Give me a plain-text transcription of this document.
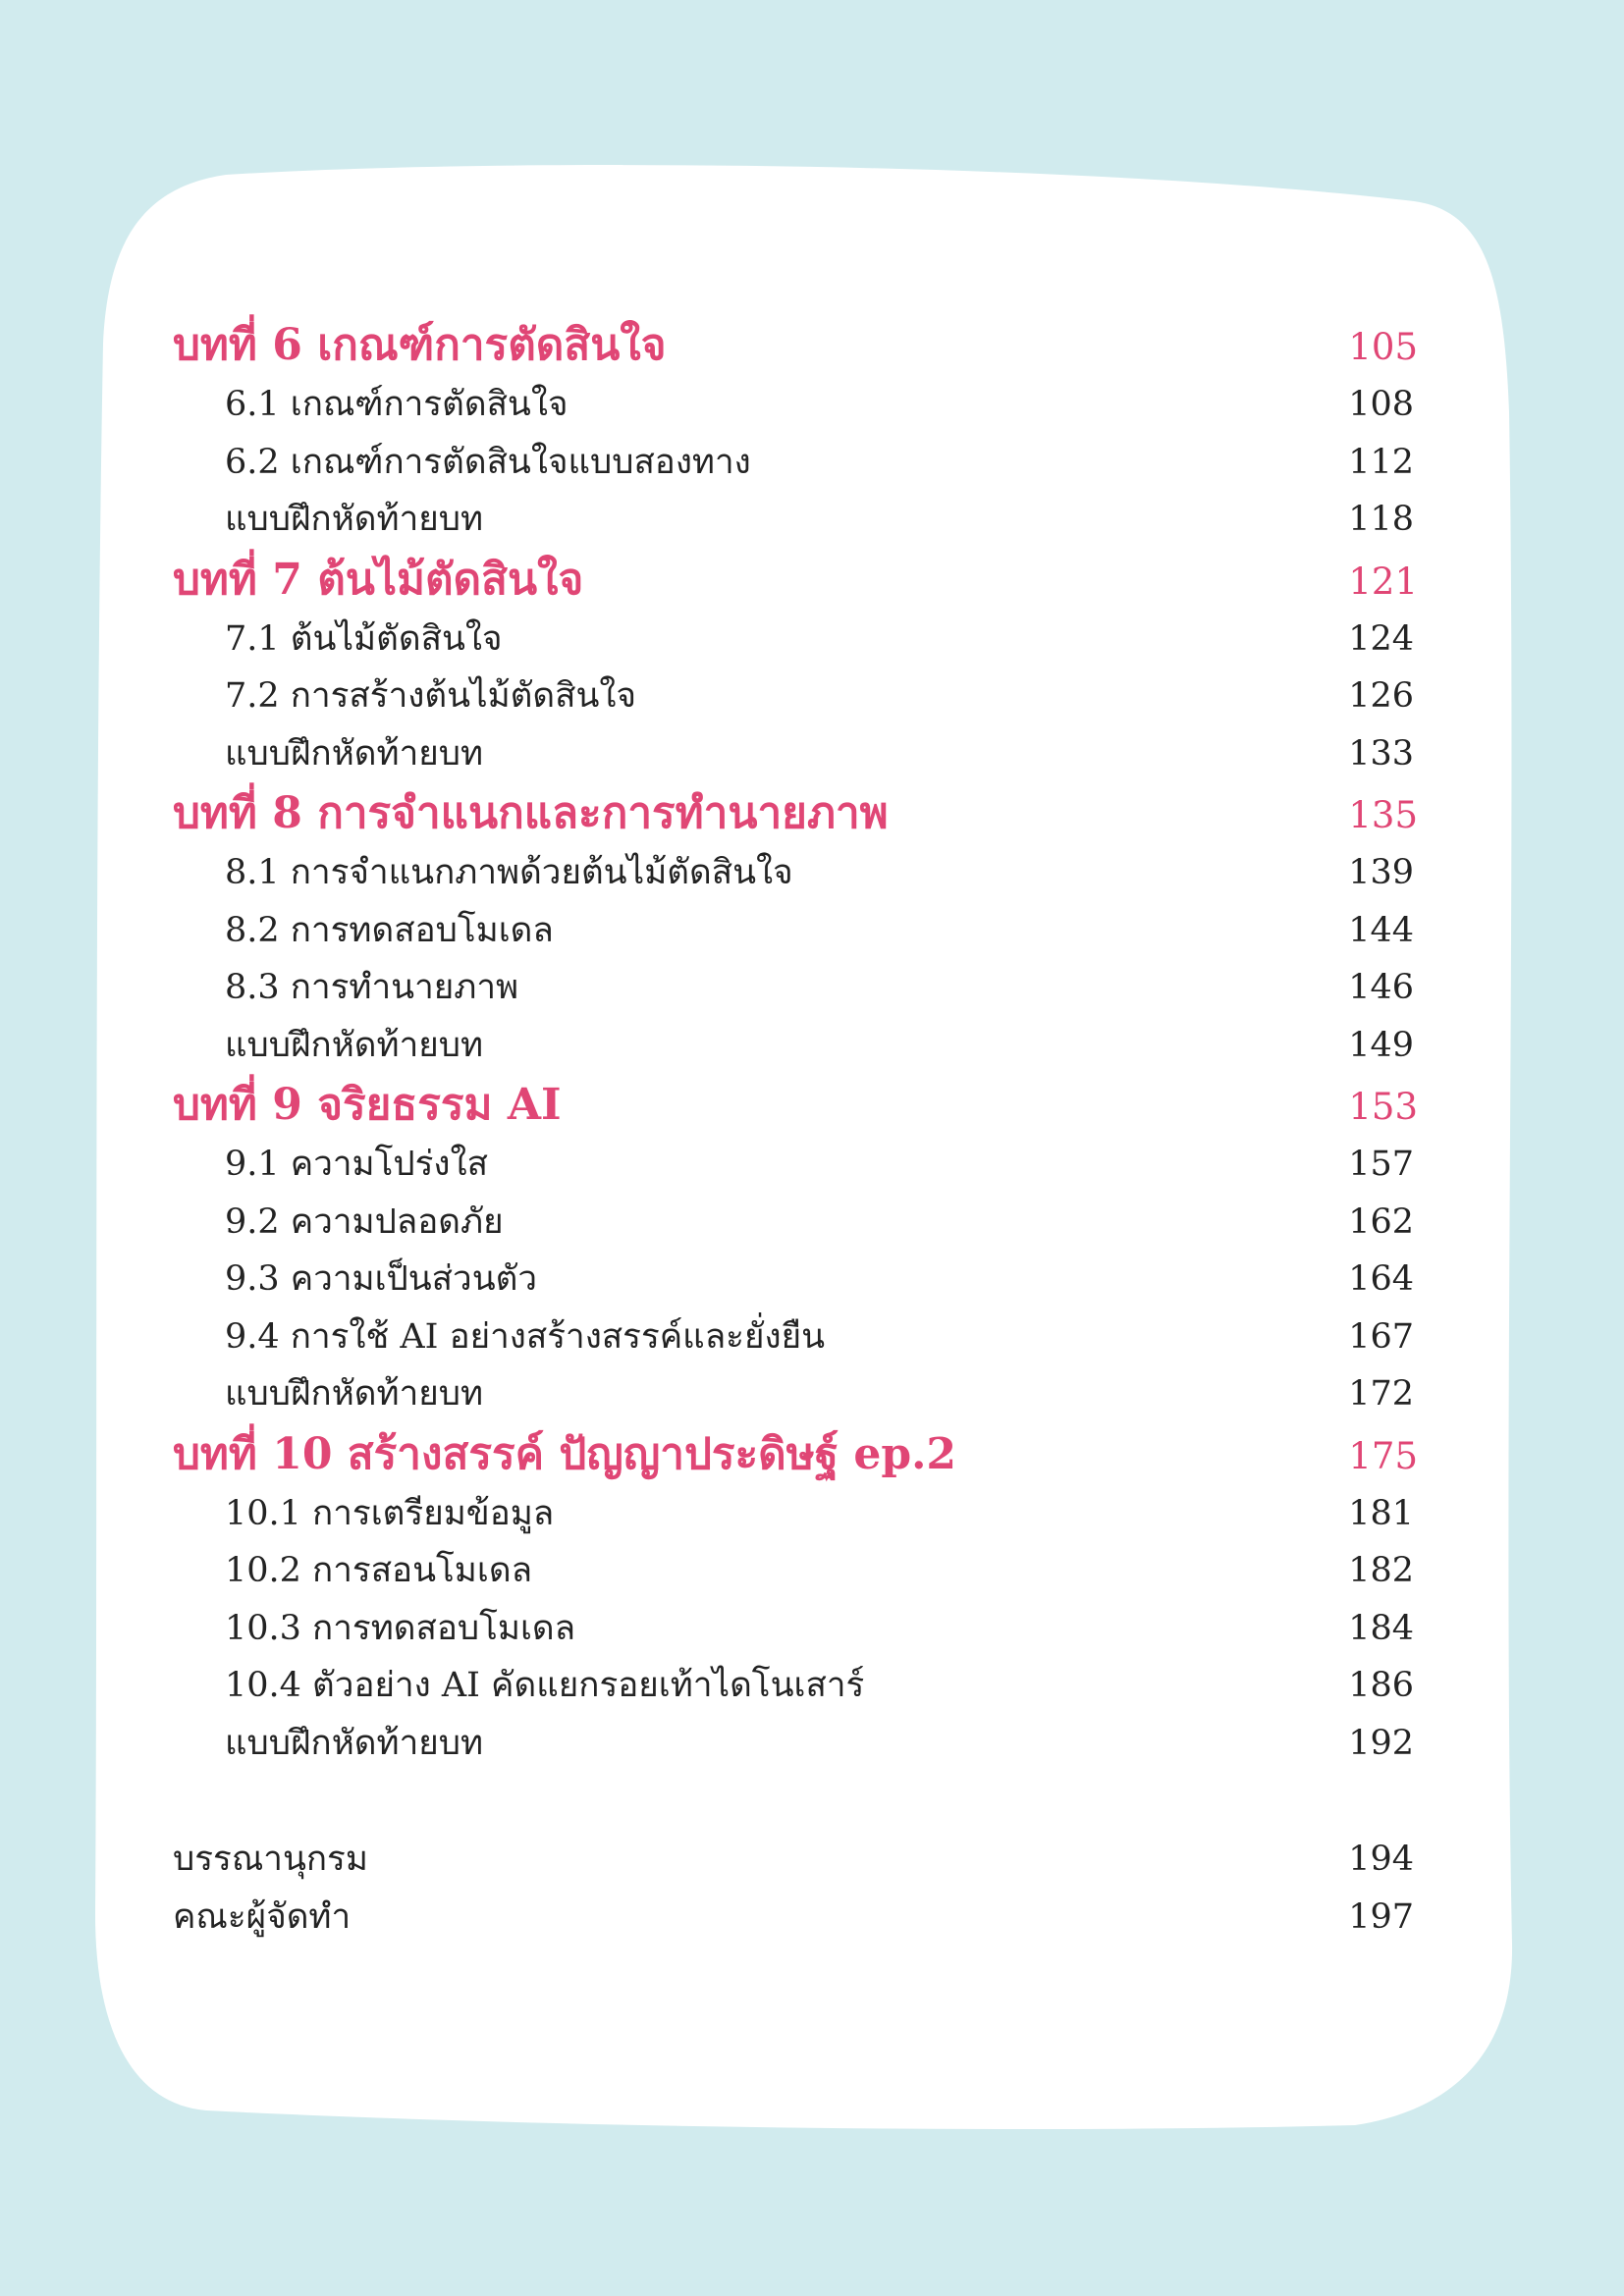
บทที่ 6 เกณฑ์การตัดสินใจ	105
6.1 เกณฑ์การตัดสินใจ	108
6.2 เกณฑ์การตัดสินใจแบบสองทาง	112
แบบฝึกหัดท้ายบท	118
บทที่ 7 ต้นไม้ตัดสินใจ	121
7.1 ต้นไม้ตัดสินใจ	124
7.2 การสร้างต้นไม้ตัดสินใจ	126
แบบฝึกหัดท้ายบท	133
บทที่ 8 การจำแนกและการทำนายภาพ	135
8.1 การจำแนกภาพด้วยต้นไม้ตัดสินใจ	139
8.2 การทดสอบโมเดล	144
8.3 การทำนายภาพ	146
แบบฝึกหัดท้ายบท	149
บทที่ 9 จริยธรรม AI	153
9.1 ความโปร่งใส	157
9.2 ความปลอดภัย	162
9.3 ความเป็นส่วนตัว	164
9.4 การใช้ AI อย่างสร้างสรรค์และยั่งยืน	167
แบบฝึกหัดท้ายบท	172
บทที่ 10 สร้างสรรค์ ปัญญาประดิษฐ์ ep.2	175
10.1 การเตรียมข้อมูล	181
10.2 การสอนโมเดล	182
10.3 การทดสอบโมเดล	184
10.4 ตัวอย่าง AI คัดแยกรอยเท้าไดโนเสาร์	186
แบบฝึกหัดท้ายบท	192
บรรณานุกรม	194
คณะผู้จัดทำ	197
